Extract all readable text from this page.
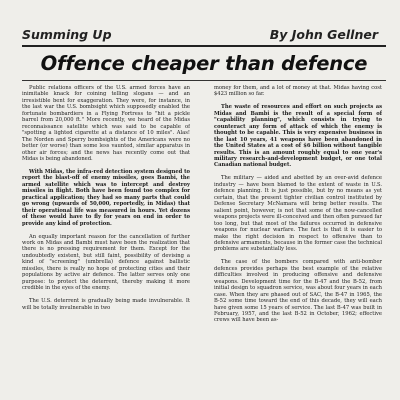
Summing Up	By John Gellner
Offence cheaper than defence

Public relations officers of the U.S. armed forces have an inimitable knack for coining telling slogans — and an irresistible bent for exaggeration. They were, for instance, in the last war the U.S. bombsight which supposedly enabled the fortunate bombardiers in a Flying Fortress to "hit a pickle barrel from 20,000 ft." More recently, we heard of the Midas reconnaissance satellite which was said to be capable of "spotting a lighted cigarette at a distance of 10 miles". Alas! The Norden and Sperry bombsights of the Americans were no better (or worse) than some less vaunted, similar apparatus in other air forces; and the news has recently come out that Midas is being abandoned.

With Midas, the infra-red detection system designed to report the blast-off of enemy missiles, goes Bambi, the armed satellite which was to intercept and destroy missiles in flight. Both have been found too complex for practical application; they had so many parts that could go wrong (upwards of 50,000, reportedly, in Midas) that their operational life was measured in hours. Yet dozens of these would have to fly for years on end in order to provide any kind of protection.

An equally important reason for the cancellation of further work on Midas and Bambi must have been the realization that there is no pressing requirement for them. Except for the undoubtedly existent, but still faint, possibility of devising a kind of "screening" (umbrella) defence against ballistic missiles, there is really no hope of protecting cities and their populations by active air defence. The latter serves only one purpose: to protect the deterrent, thereby making it more credible in the eyes of the enemy.

The U.S. deterrent is gradually being made invulnerable. It will be totally invulnerable in two

money for them, and a lot of money at that. Midas having cost $423 million so far.

The waste of resources and effort on such projects as Midas and Bambi is the result of a special form of "capability planning", which consists in trying to counteract any form of attack of which the enemy is thought to be capable. This is very expensive business in the last 10 years, 41 weapons have been abandoned in the United States at a cost of $6 billion without tangible results. This is an amount roughly equal to one year's military research-and-development budget, or one total Canadian national budget.

The military — aided and abetted by an over-avid defence industry — have been blamed to the extent of waste in U.S. defence planning. It is just possible, but by no means as yet certain, that the present tighter civilian control instituted by Defense Secretary McNamara will bring better results. The salient point, however, is not that some of the now-cancelled weapons projects were ill-conceived and then often pursued far too long, but that most of the failures occurred in defensive weapons for nuclear warfare. The fact is that it is easier to make the right decision in respect to offensive than to defensive armaments, because in the former case the technical problems are substantially less.

The case of the bombers compared with anti-bomber defences provides perhaps the best example of the relative difficulties involved in producing offensive and defensive weapons. Development time for the B-47 and the B-52, from initial design to squadron service, was about four years in each case. When they are phased out of SAC, the B-47 in 1965, the B-52 some time toward the end of this decade, they will each have given some 15 years of service. The last B-47 was built in February, 1957, and the last B-52 in October, 1962; effective crews will have been as-
